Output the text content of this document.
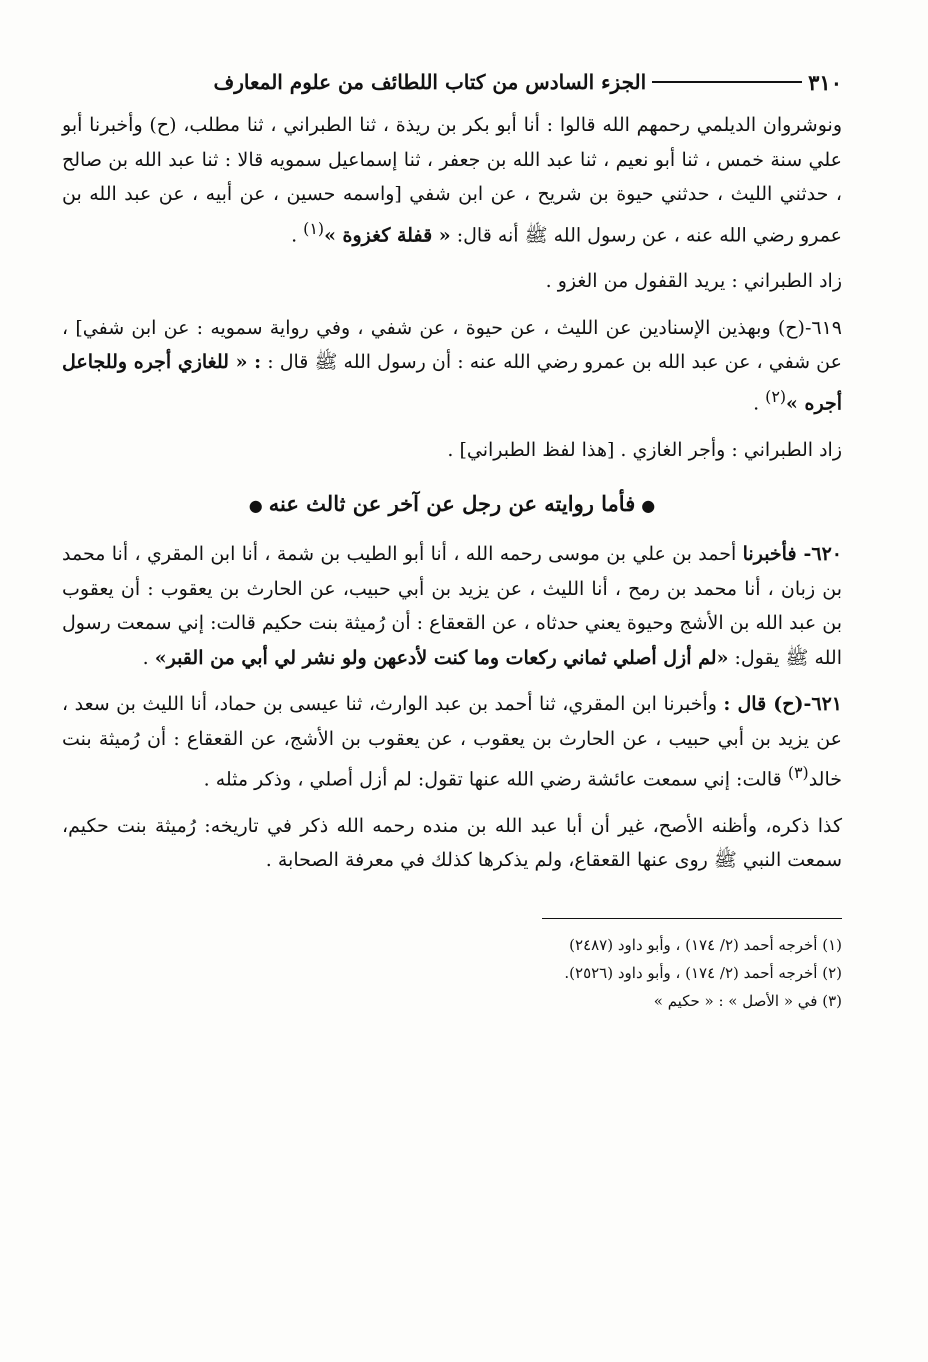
٣١٠
الجزء السادس من كتاب اللطائف من علوم المعارف

ونوشروان الديلمي رحمهم الله قالوا : أنا أبو بكر بن ريذة ، ثنا الطبراني ، ثنا مطلب، (ح) وأخبرنا أبو علي سنة خمس ، ثنا أبو نعيم ، ثنا عبد الله بن جعفر ، ثنا إسماعيل سمويه قالا : ثنا عبد الله بن صالح ، حدثني الليث ، حدثني حيوة بن شريح ، عن ابن شفي [واسمه حسين ، عن أبيه ، عن عبد الله بن عمرو رضي الله عنه ، عن رسول الله ﷺ أنه قال: « قفلة كغزوة »$^{(١)}$ .

زاد الطبراني : يريد القفول من الغزو .

٦١٩-(ح) وبهذين الإسنادين عن الليث ، عن حيوة ، عن شفي ، وفي رواية سمويه : عن ابن شفي] ، عن شفي ، عن عبد الله بن عمرو رضي الله عنه : أن رسول الله ﷺ قال : : « للغازي أجره وللجاعل أجره »$^{(٢)}$ .

زاد الطبراني : وأجر الغازي . [هذا لفظ الطبراني] .

●فأما روايته عن رجل عن آخر عن ثالث عنه●

٦٢٠- فأخبرنا أحمد بن علي بن موسى رحمه الله ، أنا أبو الطيب بن شمة ، أنا ابن المقري ، أنا محمد بن زبان ، أنا محمد بن رمح ، أنا الليث ، عن يزيد بن أبي حبيب، عن الحارث بن يعقوب : أن يعقوب بن عبد الله بن الأشج وحيوة يعني حدثاه ، عن القعقاع : أن رُميثة بنت حكيم قالت: إني سمعت رسول الله ﷺ يقول: «لم أزل أصلي ثماني ركعات وما كنت لأدعهن ولو نشر لي أبي من القبر» .

٦٢١-(ح) قال : وأخبرنا ابن المقري، ثنا أحمد بن عبد الوارث، ثنا عيسى بن حماد، أنا الليث بن سعد ، عن يزيد بن أبي حبيب ، عن الحارث بن يعقوب ، عن يعقوب بن الأشج، عن القعقاع : أن رُميثة بنت خالد$^{(٣)}$ قالت: إني سمعت عائشة رضي الله عنها تقول: لم أزل أصلي ، وذكر مثله .

كذا ذكره، وأظنه الأصح، غير أن أبا عبد الله بن منده رحمه الله ذكر في تاريخه: رُميثة بنت حكيم، سمعت النبي ﷺ روى عنها القعقاع، ولم يذكرها كذلك في معرفة الصحابة .

(١) أخرجه أحمد (٢/ ١٧٤) ، وأبو داود (٢٤٨٧)

(٢) أخرجه أحمد (٢/ ١٧٤) ، وأبو داود (٢٥٢٦).

(٣) في « الأصل » : « حكيم »
